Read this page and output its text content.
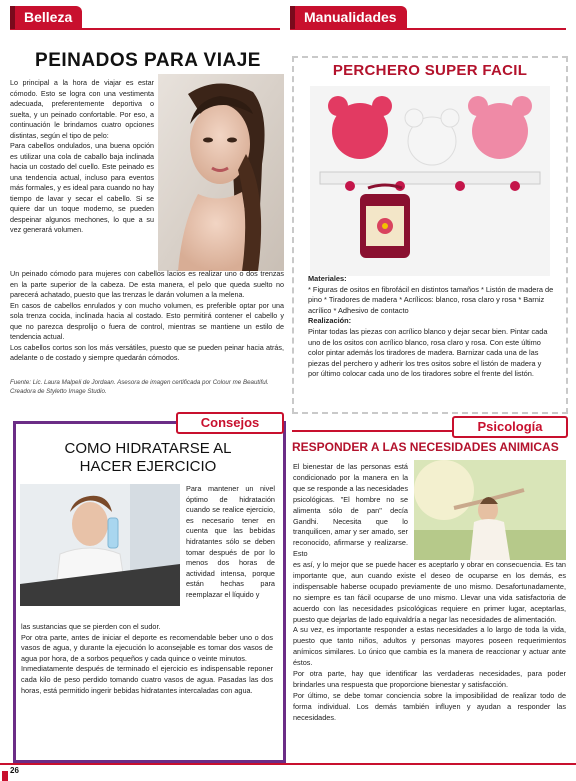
Belleza	Manualidades
PEINADOS PARA VIAJE

Lo principal a la hora de viajar es estar cómodo. Esto se logra con una vestimenta adecuada, preferentemente deportiva o suelta, y un peinado confortable. Por eso, a continuación le brindamos cuatro opciones distintas, según el tipo de pelo:
Para cabellos ondulados, una buena opción es utilizar una cola de caballo baja inclinada hacia un costado del cuello. Este peinado es una tendencia actual, incluso para eventos más formales, y es ideal para cuando no hay tiempo de lavar y secar el cabello. Si se quiere dar un toque moderno, se pueden despeinar algunos mechones, lo que a su vez generará volumen.

Un peinado cómodo para mujeres con cabellos lacios es realizar uno o dos trenzas en la parte superior de la cabeza. De esta manera, el pelo que queda suelto no parecerá achatado, puesto que las trenzas le darán volumen a la melena.
En casos de cabellos enrulados y con mucho volumen, es preferible optar por una sola trenza cocida, inclinada hacia al costado. Esto permitirá contener el cabello y que no parezca desprolijo o fuera de control, mientras se mantiene un estilo de tendencia actual.
Los cabellos cortos son los más versátiles, puesto que se pueden peinar hacia atrás, adelante o de costado y siempre quedarán cómodos.

Fuente: Lic. Laura Malpeli de Jordaan. Asesora de imagen certificada por Colour me Beautiful. Creadora de Styletto Image Studio.
PERCHERO SUPER FACIL
Materiales:
* Figuras de ositos en fibrofácil en distintos tamaños * Listón de madera de pino * Tiradores de madera * Acrílicos: blanco, rosa claro y rosa * Barniz acrílico * Adhesivo de contacto
Realización:
Pintar todas las piezas con acrílico blanco y dejar secar bien. Pintar cada uno de los ositos con acrílico blanco, rosa claro y rosa. Con este último color pintar además los tiradores de madera. Barnizar cada una de las piezas del perchero y adherir los tres ositos sobre el listón de madera y por último colocar cada uno de los tiradores sobre el frente del listón.
Consejos
COMO HIDRATARSE AL
HACER EJERCICIO

Para mantener un nivel óptimo de hidratación cuando se realice ejercicio, es necesario tener en cuenta que las bebidas hidratantes sólo se deben tomar después de por lo menos dos horas de actividad intensa, porque están hechas para reemplazar el líquido y

las sustancias que se pierden con el sudor.
Por otra parte, antes de iniciar el deporte es recomendable beber uno o dos vasos de agua, y durante la ejecución lo aconsejable es tomar dos vasos de agua por hora, de a sorbos pequeños y cada quince o veinte minutos.
Inmediatamente después de terminado el ejercicio es indispensable reponer cada kilo de peso perdido tomando cuatro vasos de agua. Pasadas las dos horas, está permitido ingerir bebidas hidratantes intercaladas con agua.

Psicología
RESPONDER A LAS NECESIDADES ANIMICAS

El bienestar de las personas está condicionado por la manera en la que se responde a las necesidades psicológicas. "El hombre no se alimenta sólo de pan" decía Gandhi. Necesita que lo tranquilicen, amar y ser amado, ser reconocido, afirmarse y realizarse. Esto

es así, y lo mejor que se puede hacer es aceptarlo y obrar en consecuencia. Es tan importante que, aun cuando existe el deseo de ocuparse en los demás, es indispensable haberse ocupado previamente de uno mismo. Desafortunadamente, no siempre es tan fácil ocuparse de uno mismo. Llevar una vida satisfactoria de acuerdo con las necesidades psicológicas requiere en primer lugar, aceptarlas, puesto que dejarlas de lado equivaldría a negar las necesidades de alimentación.
A su vez, es importante responder a estas necesidades a lo largo de toda la vida, puesto que tanto niños, adultos y personas mayores poseen requerimientos anímicos similares. Lo único que cambia es la manera de reaccionar y actuar ante éstos.
Por otra parte, hay que identificar las verdaderas necesidades, para poder brindarles una respuesta que proporcione bienestar y satisfacción.
Por último, se debe tomar conciencia sobre la imposibilidad de realizar todo de forma individual. Los demás también influyen y ayudan a responder las necesidades.

26
